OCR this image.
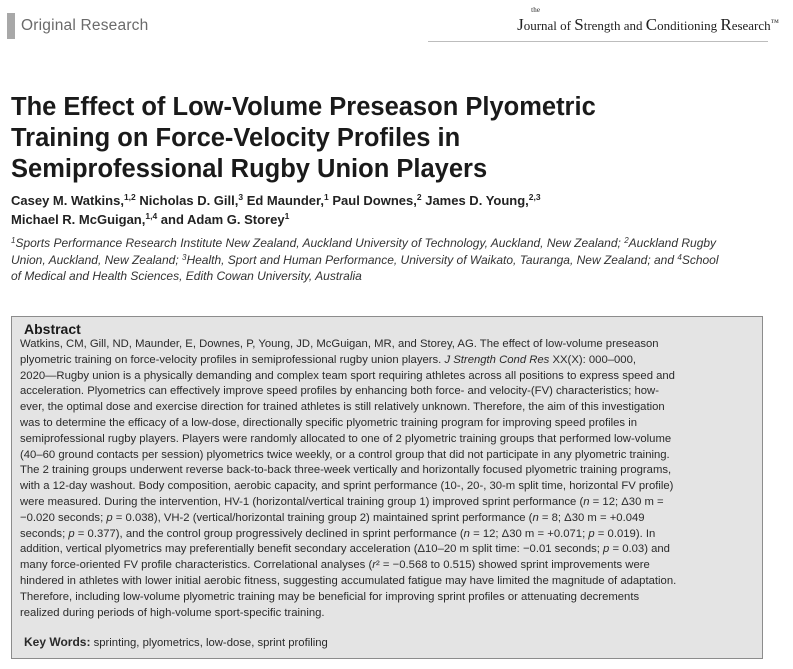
Original Research
the
Journal of Strength and Conditioning Research™
The Effect of Low-Volume Preseason Plyometric
Training on Force-Velocity Profiles in
Semiprofessional Rugby Union Players
Casey M. Watkins,$^{1,2}$ Nicholas D. Gill,$^3$ Ed Maunder,$^1$ Paul Downes,$^2$ James D. Young,$^{2,3}$
Michael R. McGuigan,$^{1,4}$ and Adam G. Storey$^1$
$^1$Sports Performance Research Institute New Zealand, Auckland University of Technology, Auckland, New Zealand; $^2$Auckland Rugby
Union, Auckland, New Zealand; $^3$Health, Sport and Human Performance, University of Waikato, Tauranga, New Zealand; and $^4$School
of Medical and Health Sciences, Edith Cowan University, Australia
Abstract
Watkins, CM, Gill, ND, Maunder, E, Downes, P, Young, JD, McGuigan, MR, and Storey, AG. The effect of low-volume preseason
plyometric training on force-velocity profiles in semiprofessional rugby union players. J Strength Cond Res XX(X): 000–000,
2020—Rugby union is a physically demanding and complex team sport requiring athletes across all positions to express speed and
acceleration. Plyometrics can effectively improve speed profiles by enhancing both force- and velocity-(FV) characteristics; how-
ever, the optimal dose and exercise direction for trained athletes is still relatively unknown. Therefore, the aim of this investigation
was to determine the efficacy of a low-dose, directionally specific plyometric training program for improving speed profiles in
semiprofessional rugby players. Players were randomly allocated to one of 2 plyometric training groups that performed low-volume
(40–60 ground contacts per session) plyometrics twice weekly, or a control group that did not participate in any plyometric training.
The 2 training groups underwent reverse back-to-back three-week vertically and horizontally focused plyometric training programs,
with a 12-day washout. Body composition, aerobic capacity, and sprint performance (10-, 20-, 30-m split time, horizontal FV profile)
were measured. During the intervention, HV-1 (horizontal/vertical training group 1) improved sprint performance (n = 12; Δ30 m =
−0.020 seconds; p = 0.038), VH-2 (vertical/horizontal training group 2) maintained sprint performance (n = 8; Δ30 m = +0.049
seconds; p = 0.377), and the control group progressively declined in sprint performance (n = 12; Δ30 m = +0.071; p = 0.019). In
addition, vertical plyometrics may preferentially benefit secondary acceleration (Δ10–20 m split time: −0.01 seconds; p = 0.03) and
many force-oriented FV profile characteristics. Correlational analyses (r² = −0.568 to 0.515) showed sprint improvements were
hindered in athletes with lower initial aerobic fitness, suggesting accumulated fatigue may have limited the magnitude of adaptation.
Therefore, including low-volume plyometric training may be beneficial for improving sprint profiles or attenuating decrements
realized during periods of high-volume sport-specific training.
Key Words: sprinting, plyometrics, low-dose, sprint profiling
